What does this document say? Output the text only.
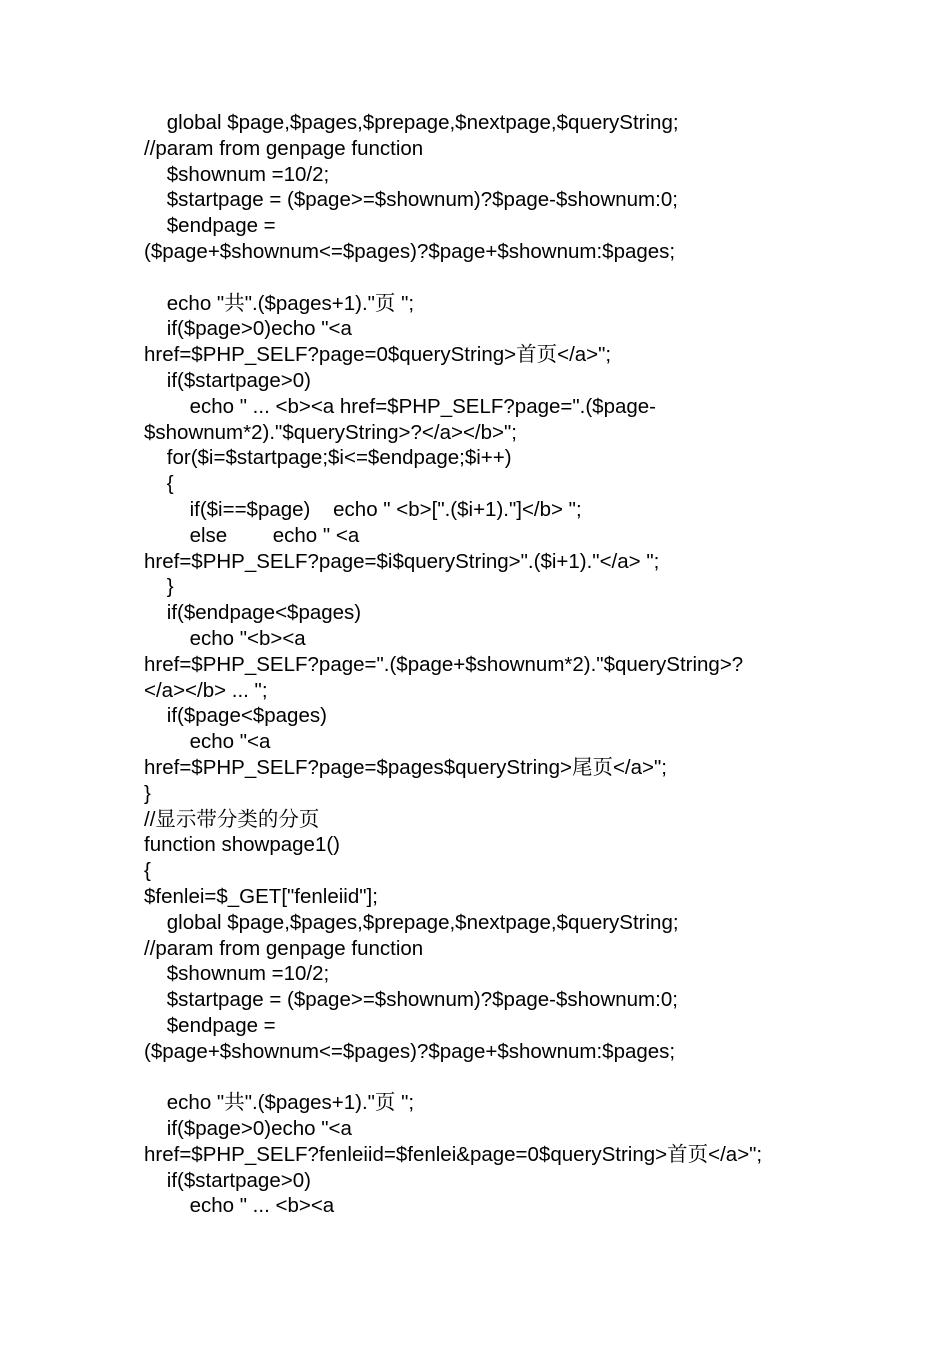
global $page,$pages,$prepage,$nextpage,$queryString;
//param from genpage function
$shownum =10/2;
$startpage = ($page>=$shownum)?$page-$shownum:0;
$endpage =
($page+$shownum<=$pages)?$page+$shownum:$pages;
echo "共".($pages+1)."页 ";
if($page>0)echo "<a
href=$PHP_SELF?page=0$queryString>首页</a>";
if($startpage>0)
echo " ... <b><a href=$PHP_SELF?page=".($page-
$shownum*2)."$queryString>?</a></b>";
for($i=$startpage;$i<=$endpage;$i++)
{
if($i==$page)    echo " <b>[".($i+1)."]</b> ";
else        echo " <a
href=$PHP_SELF?page=$i$queryString>".($i+1)."</a> ";
}
if($endpage<$pages)
echo "<b><a
href=$PHP_SELF?page=".($page+$shownum*2)."$queryString>?
</a></b> ... ";
if($page<$pages)
echo "<a
href=$PHP_SELF?page=$pages$queryString>尾页</a>";
}
//显示带分类的分页
function showpage1()
{
$fenlei=$_GET["fenleiid"];
global $page,$pages,$prepage,$nextpage,$queryString;
//param from genpage function
$shownum =10/2;
$startpage = ($page>=$shownum)?$page-$shownum:0;
$endpage =
($page+$shownum<=$pages)?$page+$shownum:$pages;
echo "共".($pages+1)."页 ";
if($page>0)echo "<a
href=$PHP_SELF?fenleiid=$fenlei&page=0$queryString>首页</a>";
if($startpage>0)
echo " ... <b><a
